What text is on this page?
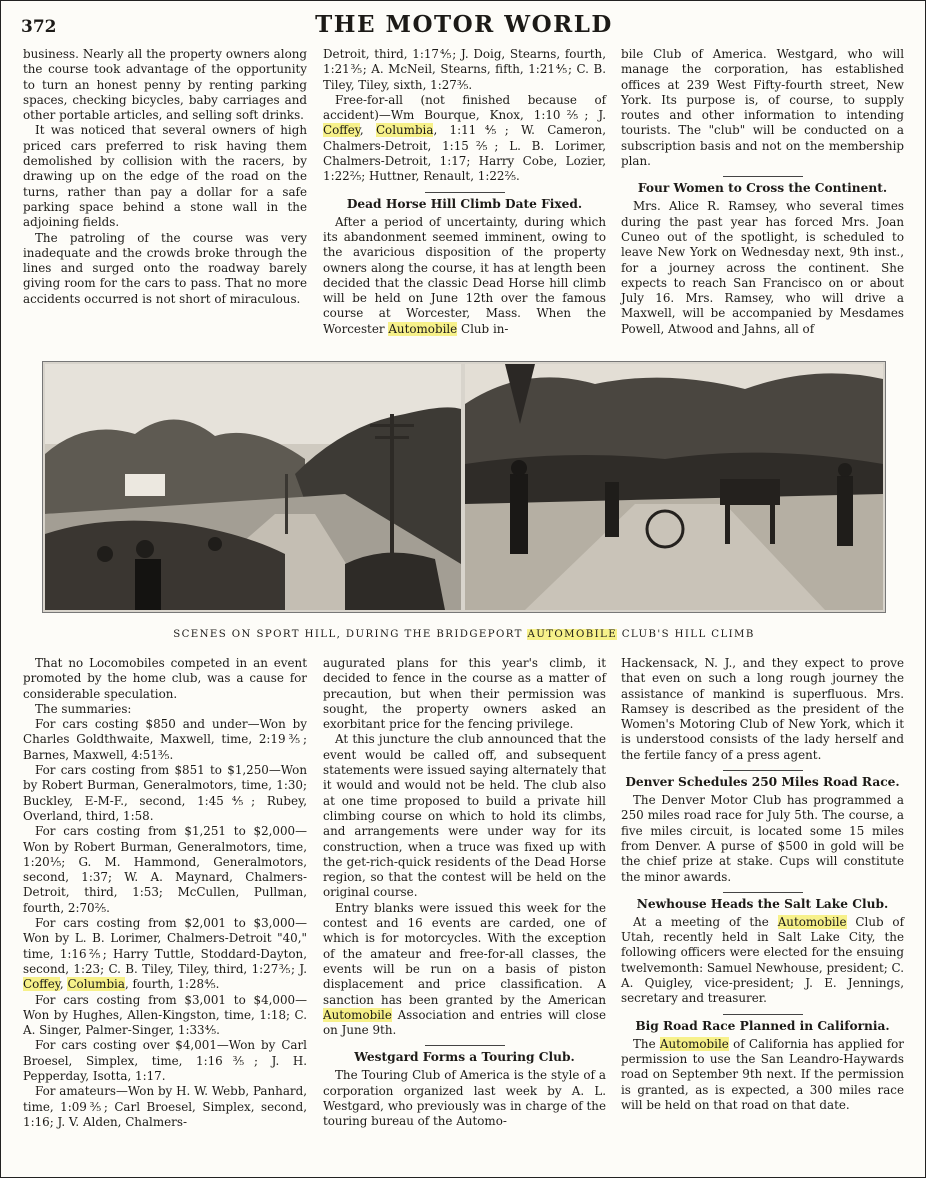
372	THE MOTOR WORLD

business. Nearly all the property owners along the course took advantage of the opportunity to turn an honest penny by renting parking spaces, checking bicycles, baby carriages and other portable articles, and selling soft drinks.

It was noticed that several owners of high priced cars preferred to risk having them demolished by collision with the racers, by drawing up on the edge of the road on the turns, rather than pay a dollar for a safe parking space behind a stone wall in the adjoining fields.

The patroling of the course was very inadequate and the crowds broke through the lines and surged onto the roadway barely giving room for the cars to pass. That no more accidents occurred is not short of miraculous.

Detroit, third, 1:17⅘; J. Doig, Stearns, fourth, 1:21⅗; A. McNeil, Stearns, fifth, 1:21⅘; C. B. Tiley, Tiley, sixth, 1:27⅗.

Free-for-all (not finished because of accident)—Wm Bourque, Knox, 1:10⅖; J. Coffey, Columbia, 1:11⅘; W. Cameron, Chalmers-Detroit, 1:15⅖; L. B. Lorimer, Chalmers-Detroit, 1:17; Harry Cobe, Lozier, 1:22⅖; Huttner, Renault, 1:22⅖.

Dead Horse Hill Climb Date Fixed.

After a period of uncertainty, during which its abandonment seemed imminent, owing to the avaricious disposition of the property owners along the course, it has at length been decided that the classic Dead Horse hill climb will be held on June 12th over the famous course at Worcester, Mass. When the Worcester Automobile Club in-

bile Club of America. Westgard, who will manage the corporation, has established offices at 239 West Fifty-fourth street, New York. Its purpose is, of course, to supply routes and other information to intending tourists. The "club" will be conducted on a subscription basis and not on the membership plan.

Four Women to Cross the Continent.

Mrs. Alice R. Ramsey, who several times during the past year has forced Mrs. Joan Cuneo out of the spotlight, is scheduled to leave New York on Wednesday next, 9th inst., for a journey across the continent. She expects to reach San Francisco on or about July 16. Mrs. Ramsey, who will drive a Maxwell, will be accompanied by Mesdames Powell, Atwood and Jahns, all of

SCENES ON SPORT HILL, DURING THE BRIDGEPORT AUTOMOBILE CLUB'S HILL CLIMB

That no Locomobiles competed in an event promoted by the home club, was a cause for considerable speculation.

The summaries:

For cars costing $850 and under—Won by Charles Goldthwaite, Maxwell, time, 2:19⅗; Barnes, Maxwell, 4:51⅗.

For cars costing from $851 to $1,250—Won by Robert Burman, Generalmotors, time, 1:30; Buckley, E-M-F., second, 1:45⅘; Rubey, Overland, third, 1:58.

For cars costing from $1,251 to $2,000—Won by Robert Burman, Generalmotors, time, 1:20⅕; G. M. Hammond, Generalmotors, second, 1:37; W. A. Maynard, Chalmers-Detroit, third, 1:53; McCullen, Pullman, fourth, 2:70⅖.

For cars costing from $2,001 to $3,000—Won by L. B. Lorimer, Chalmers-Detroit "40," time, 1:16⅖; Harry Tuttle, Stoddard-Dayton, second, 1:23; C. B. Tiley, Tiley, third, 1:27⅗; J. Coffey, Columbia, fourth, 1:28⅘.

For cars costing from $3,001 to $4,000—Won by Hughes, Allen-Kingston, time, 1:18; C. A. Singer, Palmer-Singer, 1:33⅘.

For cars costing over $4,001—Won by Carl Broesel, Simplex, time, 1:16⅗; J. H. Pepperday, Isotta, 1:17.

For amateurs—Won by H. W. Webb, Panhard, time, 1:09⅗; Carl Broesel, Simplex, second, 1:16; J. V. Alden, Chalmers-

augurated plans for this year's climb, it decided to fence in the course as a matter of precaution, but when their permission was sought, the property owners asked an exorbitant price for the fencing privilege.

At this juncture the club announced that the event would be called off, and subsequent statements were issued saying alternately that it would and would not be held. The club also at one time proposed to build a private hill climbing course on which to hold its climbs, and arrangements were under way for its construction, when a truce was fixed up with the get-rich-quick residents of the Dead Horse region, so that the contest will be held on the original course.

Entry blanks were issued this week for the contest and 16 events are carded, one of which is for motorcycles. With the exception of the amateur and free-for-all classes, the events will be run on a basis of piston displacement and price classification. A sanction has been granted by the American Automobile Association and entries will close on June 9th.

Westgard Forms a Touring Club.

The Touring Club of America is the style of a corporation organized last week by A. L. Westgard, who previously was in charge of the touring bureau of the Automo-

Hackensack, N. J., and they expect to prove that even on such a long rough journey the assistance of mankind is superfluous. Mrs. Ramsey is described as the president of the Women's Motoring Club of New York, which it is understood consists of the lady herself and the fertile fancy of a press agent.

Denver Schedules 250 Miles Road Race.

The Denver Motor Club has programmed a 250 miles road race for July 5th. The course, a five miles circuit, is located some 15 miles from Denver. A purse of $500 in gold will be the chief prize at stake. Cups will constitute the minor awards.

Newhouse Heads the Salt Lake Club.

At a meeting of the Automobile Club of Utah, recently held in Salt Lake City, the following officers were elected for the ensuing twelvemonth: Samuel Newhouse, president; C. A. Quigley, vice-president; J. E. Jennings, secretary and treasurer.

Big Road Race Planned in California.

The Automobile of California has applied for permission to use the San Leandro-Haywards road on September 9th next. If the permission is granted, as is expected, a 300 miles race will be held on that road on that date.
